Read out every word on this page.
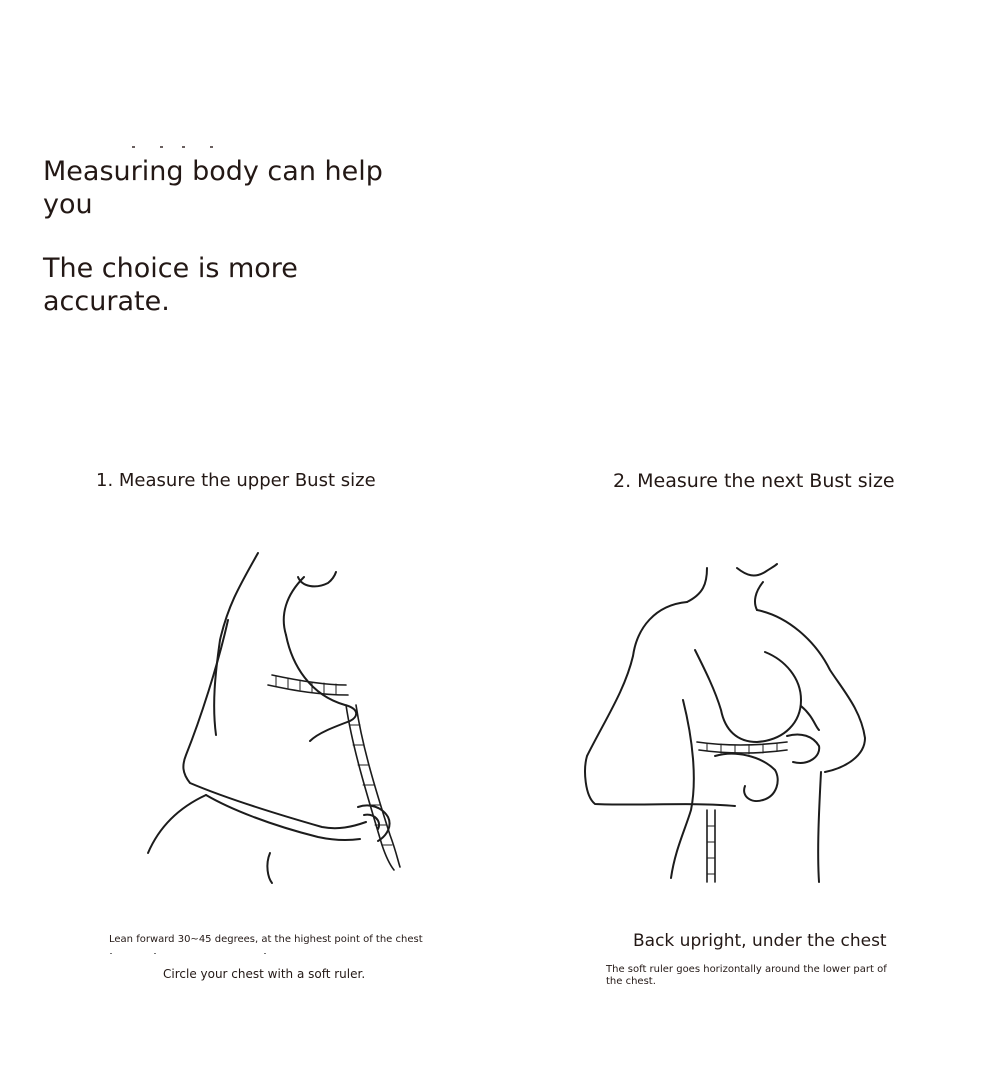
Measuring body can help you
The choice is more accurate.
1. Measure the upper Bust size	2. Measure the next Bust size
Lean forward 30~45 degrees, at the highest point of the chest
Circle your chest with a soft ruler.
Back upright, under the chest
The soft ruler goes horizontally around the lower part of the chest.
